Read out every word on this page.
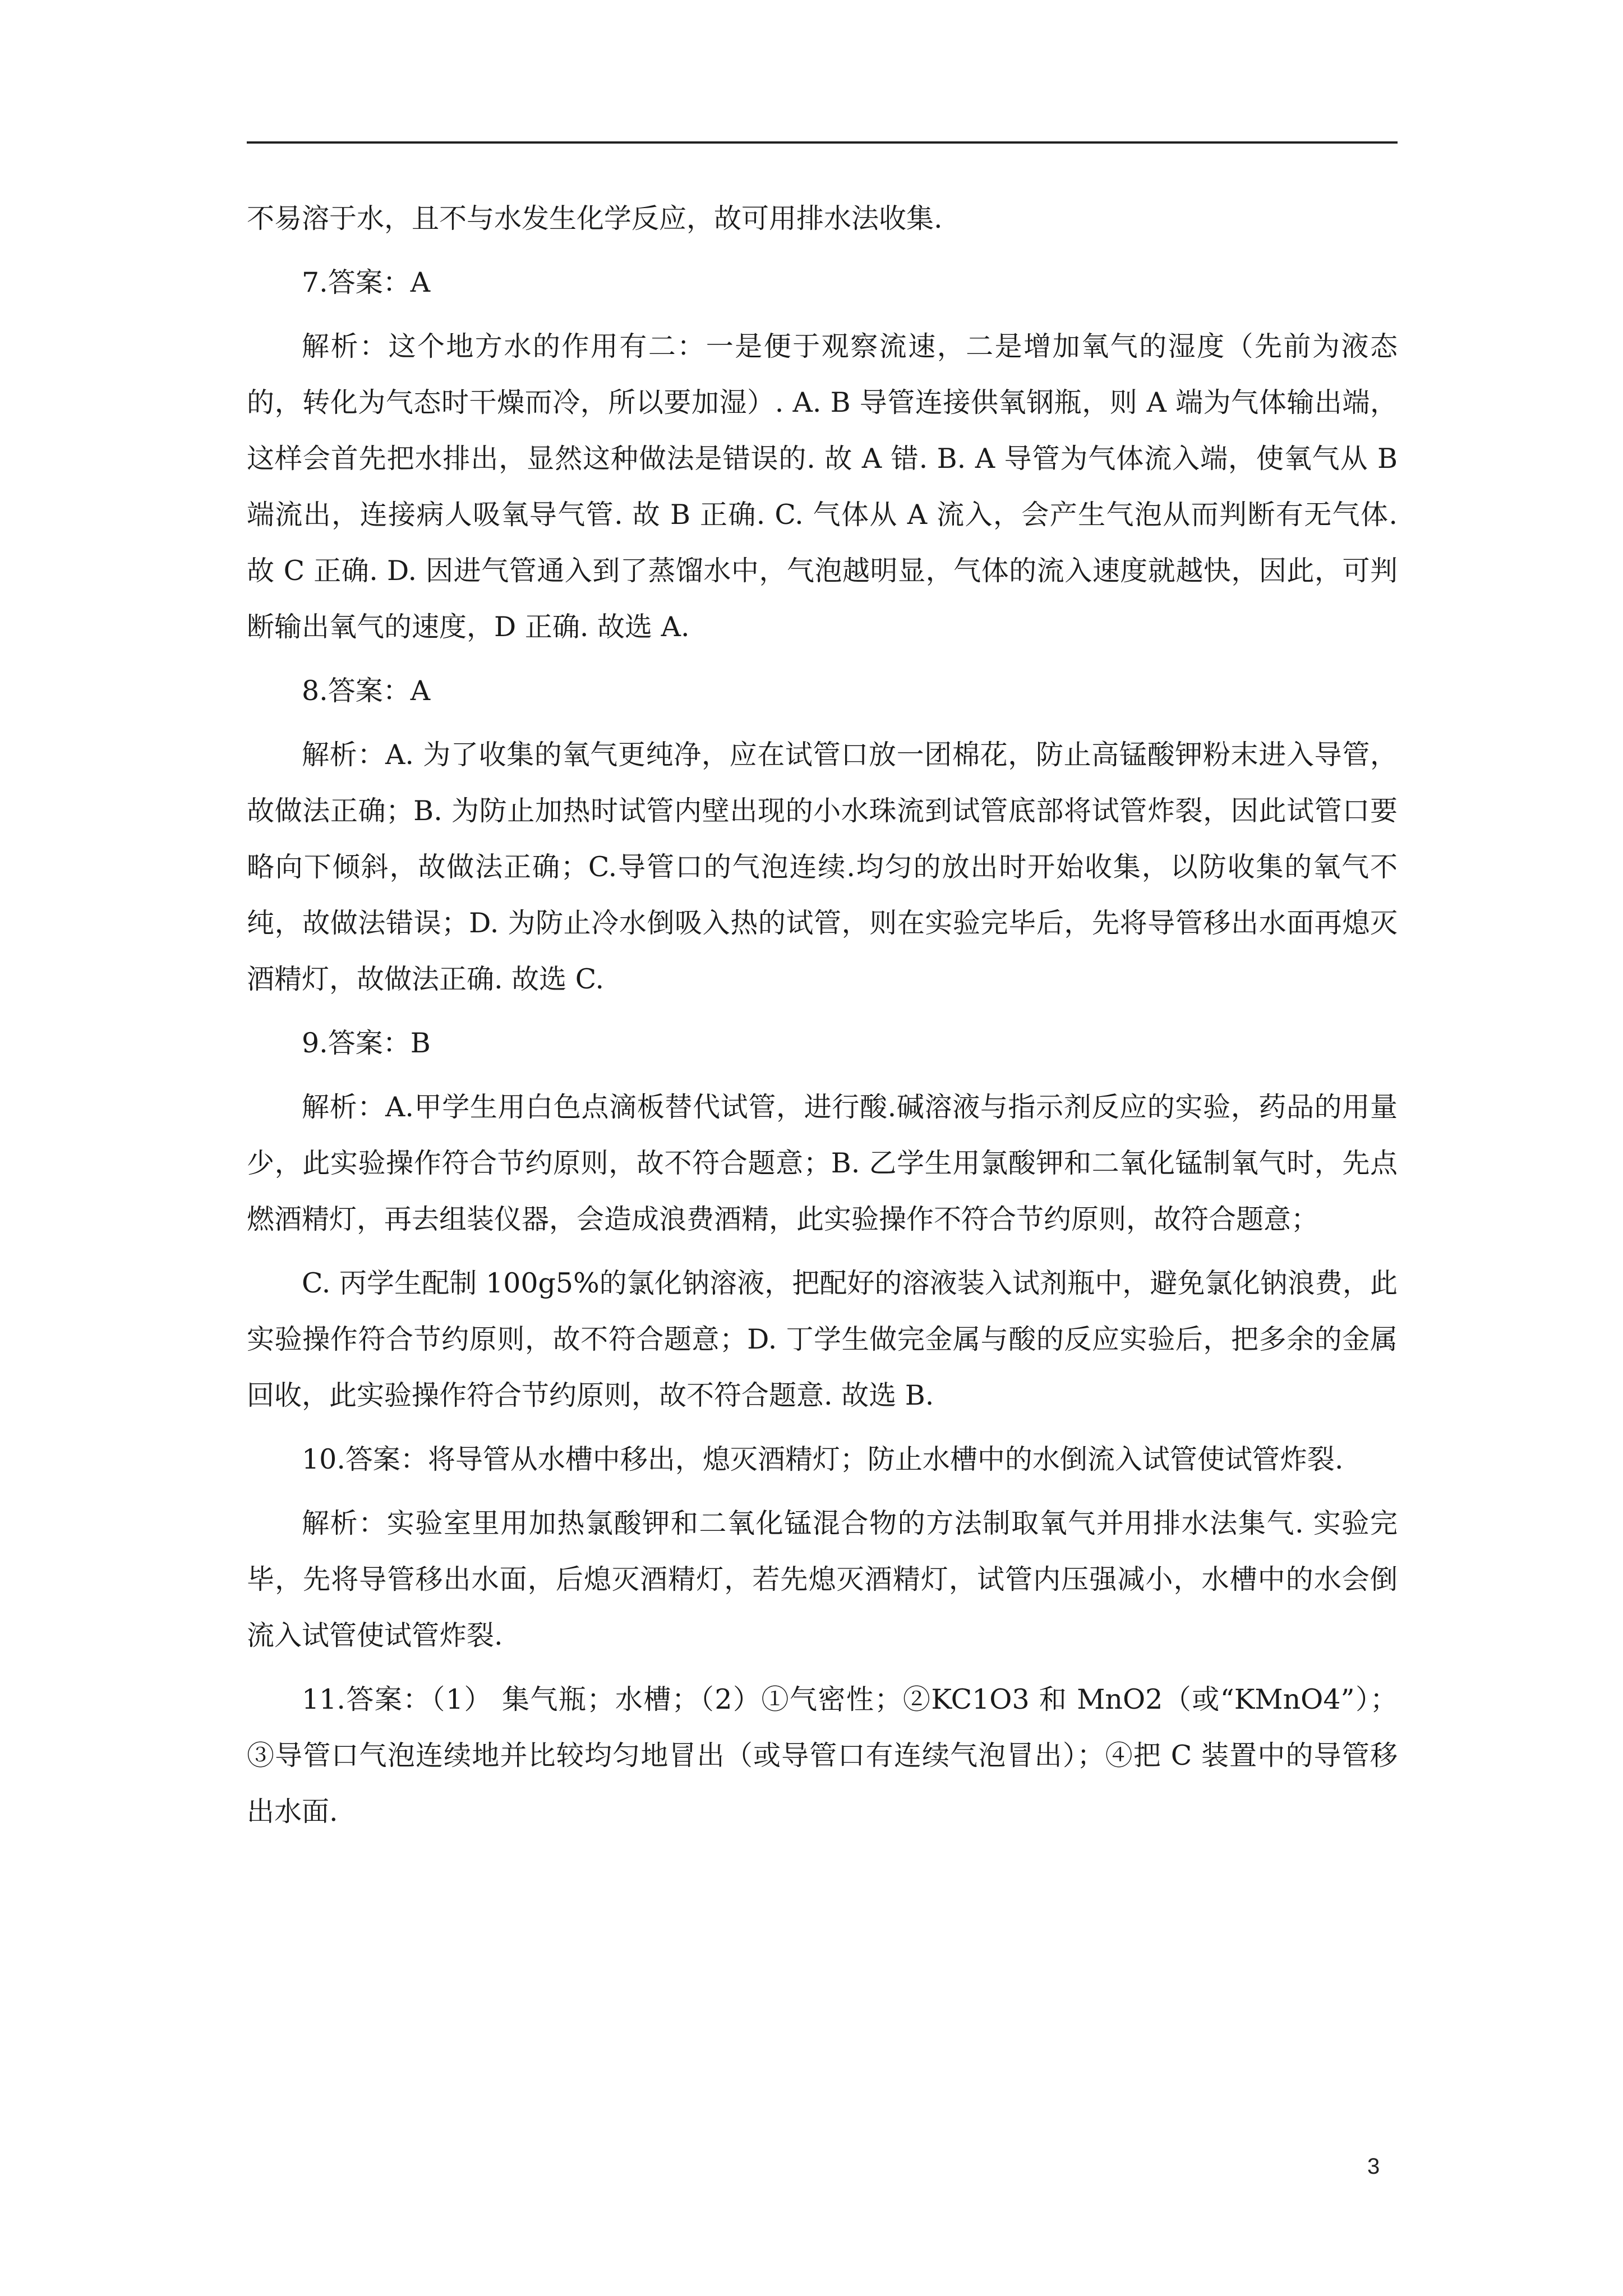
不易溶于水，且不与水发生化学反应，故可用排水法收集.

7.答案：A

解析：这个地方水的作用有二：一是便于观察流速，二是增加氧气的湿度（先前为液态的，转化为气态时干燥而冷，所以要加湿）. A. B 导管连接供氧钢瓶，则 A 端为气体输出端，这样会首先把水排出，显然这种做法是错误的. 故 A 错. B. A 导管为气体流入端，使氧气从 B 端流出，连接病人吸氧导气管. 故 B 正确. C. 气体从 A 流入，会产生气泡从而判断有无气体. 故 C 正确. D. 因进气管通入到了蒸馏水中，气泡越明显，气体的流入速度就越快，因此，可判断输出氧气的速度，D 正确. 故选 A.

8.答案：A

解析：A. 为了收集的氧气更纯净，应在试管口放一团棉花，防止高锰酸钾粉末进入导管，故做法正确；B. 为防止加热时试管内壁出现的小水珠流到试管底部将试管炸裂，因此试管口要略向下倾斜，故做法正确；C.导管口的气泡连续.均匀的放出时开始收集，以防收集的氧气不纯，故做法错误；D. 为防止冷水倒吸入热的试管，则在实验完毕后，先将导管移出水面再熄灭酒精灯，故做法正确. 故选 C.

9.答案：B

解析：A.甲学生用白色点滴板替代试管，进行酸.碱溶液与指示剂反应的实验，药品的用量少，此实验操作符合节约原则，故不符合题意；B. 乙学生用氯酸钾和二氧化锰制氧气时，先点燃酒精灯，再去组装仪器，会造成浪费酒精，此实验操作不符合节约原则，故符合题意；

C. 丙学生配制 100g5%的氯化钠溶液，把配好的溶液装入试剂瓶中，避免氯化钠浪费，此实验操作符合节约原则，故不符合题意；D. 丁学生做完金属与酸的反应实验后，把多余的金属回收，此实验操作符合节约原则，故不符合题意. 故选 B.

10.答案：将导管从水槽中移出，熄灭酒精灯；防止水槽中的水倒流入试管使试管炸裂.

解析：实验室里用加热氯酸钾和二氧化锰混合物的方法制取氧气并用排水法集气. 实验完毕，先将导管移出水面，后熄灭酒精灯，若先熄灭酒精灯，试管内压强减小，水槽中的水会倒流入试管使试管炸裂.

11.答案：（1） 集气瓶；水槽；（2）①气密性；②KC1O3 和 MnO2（或“KMnO4”）；③导管口气泡连续地并比较均匀地冒出（或导管口有连续气泡冒出）；④把 C 装置中的导管移出水面.

3
